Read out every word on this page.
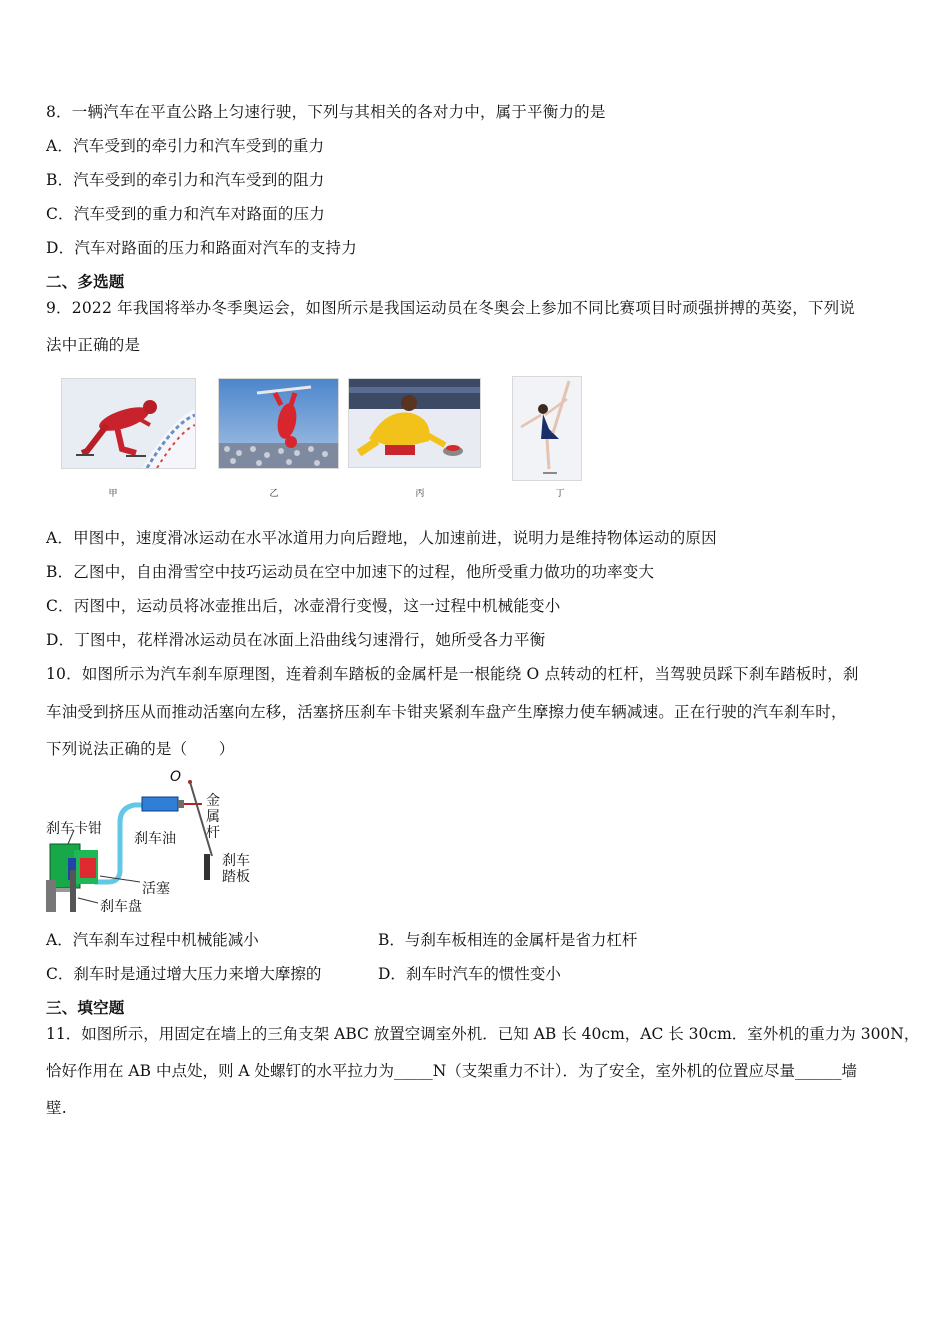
8．一辆汽车在平直公路上匀速行驶，下列与其相关的各对力中，属于平衡力的是
A．汽车受到的牵引力和汽车受到的重力
B．汽车受到的牵引力和汽车受到的阻力
C．汽车受到的重力和汽车对路面的压力
D．汽车对路面的压力和路面对汽车的支持力
二、多选题
9．2022 年我国将举办冬季奥运会，如图所示是我国运动员在冬奥会上参加不同比赛项目时顽强拼搏的英姿，下列说
法中正确的是
甲	乙	丙	丁
A．甲图中，速度滑冰运动在水平冰道用力向后蹬地，人加速前进，说明力是维持物体运动的原因
B．乙图中，自由滑雪空中技巧运动员在空中加速下的过程，他所受重力做功的功率变大
C．丙图中，运动员将冰壶推出后，冰壶滑行变慢，这一过程中机械能变小
D．丁图中，花样滑冰运动员在冰面上沿曲线匀速滑行，她所受各力平衡
10．如图所示为汽车刹车原理图，连着刹车踏板的金属杆是一根能绕 O 点转动的杠杆，当驾驶员踩下刹车踏板时，刹
车油受到挤压从而推动活塞向左移，活塞挤压刹车卡钳夹紧刹车盘产生摩擦力使车辆减速。正在行驶的汽车刹车时，
下列说法正确的是（　　）
O
刹车卡钳
刹车油
金
属
杆
刹车
踏板
活塞
刹车盘
A．汽车刹车过程中机械能减小	B．与刹车板相连的金属杆是省力杠杆
C．刹车时是通过增大压力来增大摩擦的	D．刹车时汽车的惯性变小
三、填空题
11．如图所示，用固定在墙上的三角支架 ABC 放置空调室外机．已知 AB 长 40cm，AC 长 30cm．室外机的重力为 300N，
恰好作用在 AB 中点处，则 A 处螺钉的水平拉力为_____N（支架重力不计）．为了安全，室外机的位置应尽量______墙
壁.
